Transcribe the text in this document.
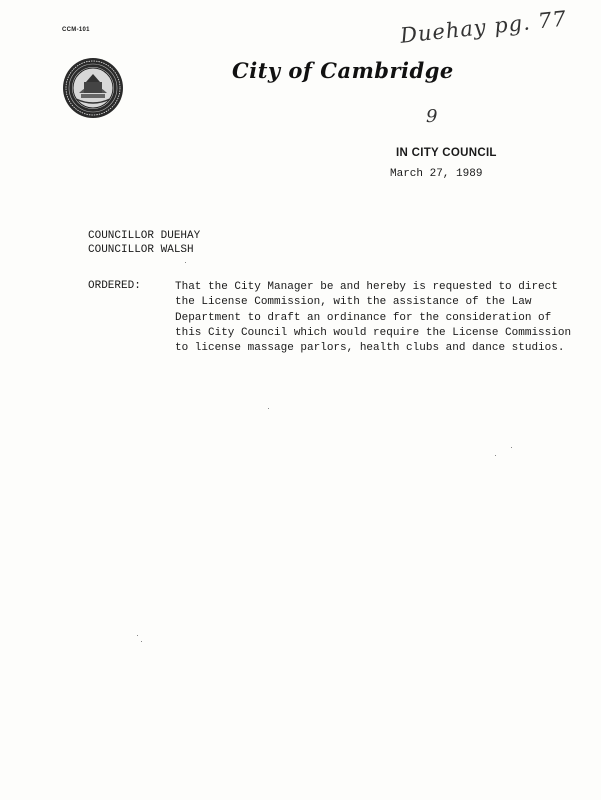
CCM-101	Duehay pg. 77
City of Cambridge
9
IN CITY COUNCIL
March 27, 1989
COUNCILLOR DUEHAY
COUNCILLOR WALSH
ORDERED:	That the City Manager be and hereby is requested to direct
the License Commission, with the assistance of the Law
Department to draft an ordinance for the consideration of
this City Council which would require the License Commission
to license massage parlors, health clubs and dance studios.
